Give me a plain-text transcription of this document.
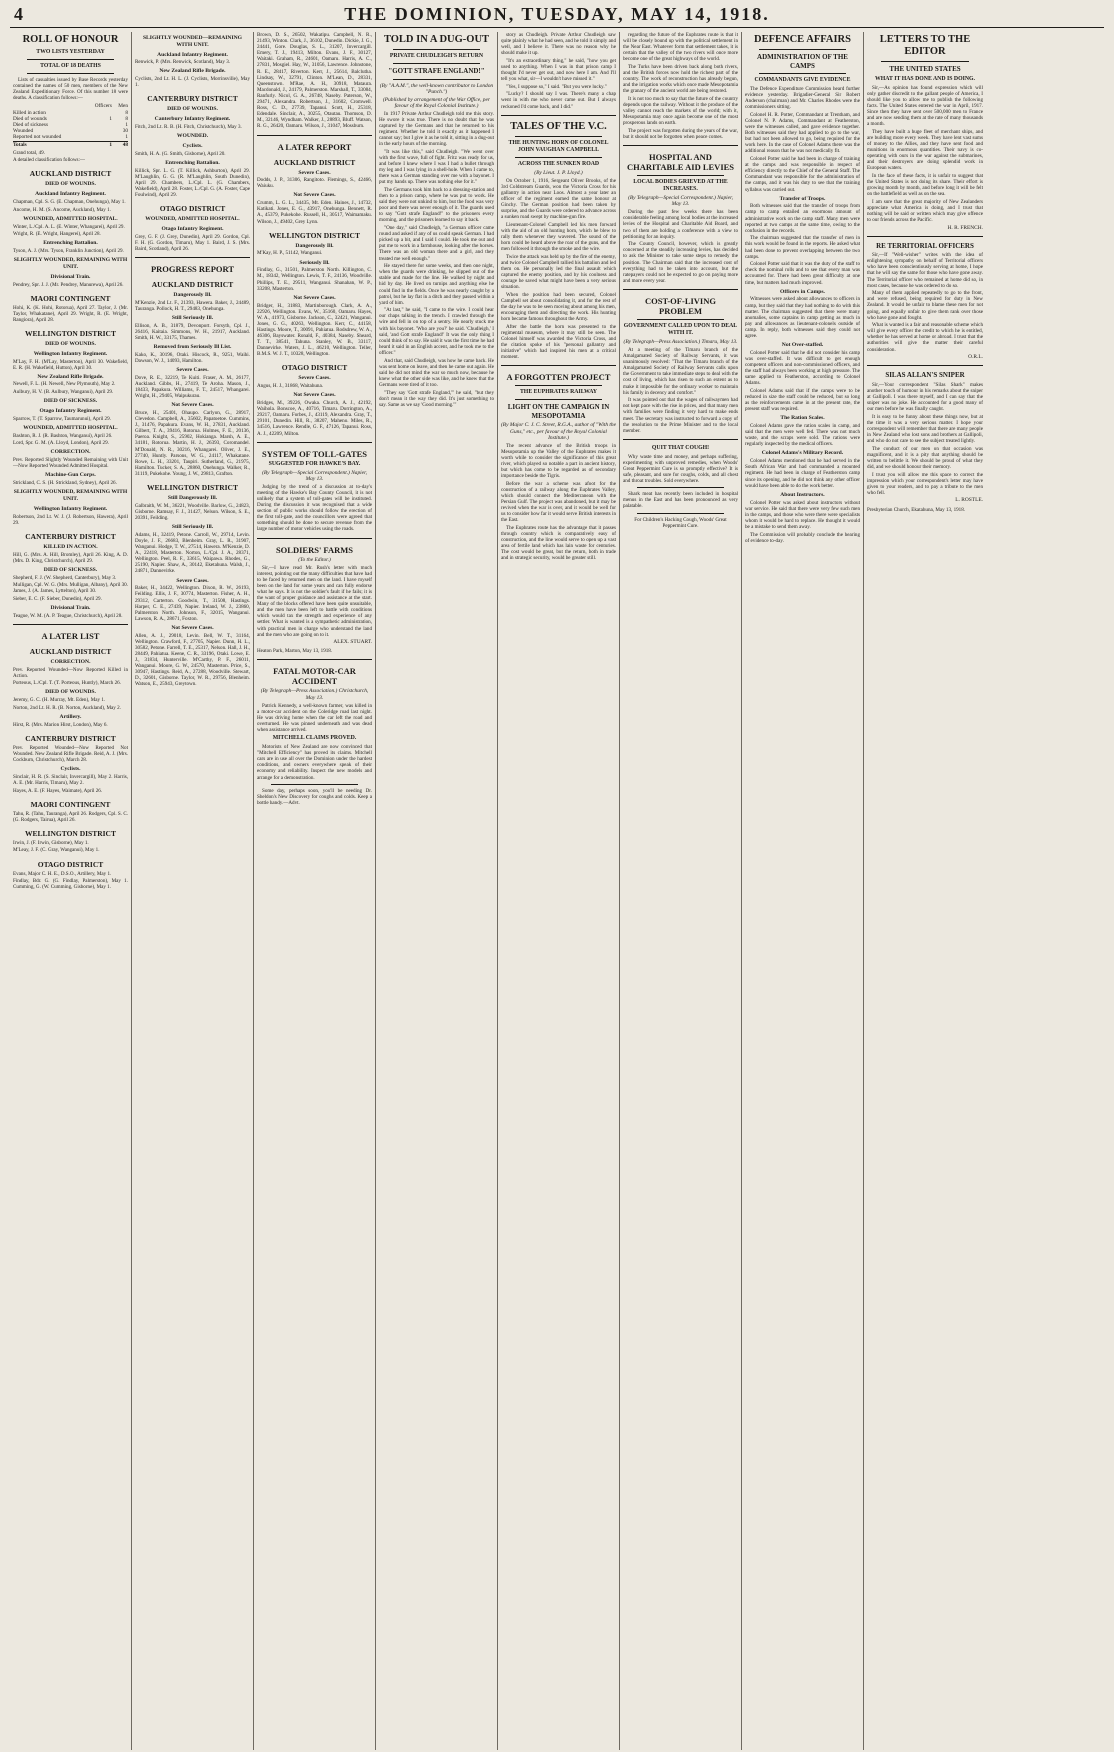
4	THE DOMINION, TUESDAY, MAY 14, 1918.
ROLL OF HONOUR
TWO LISTS YESTERDAY
TOTAL OF 18 DEATHS

Lists of casualties issued by Base Records yesterday contained the names of 50 men, members of the New Zealand Expeditionary Force. Of this number 18 were deaths. A classification follows:—

	Officers	Men
Killed in action		8
Died of wounds	1	8
Died of sickness		1
Wounded		30
Reported not wounded		1
Totals	1	48

Grand total, 49.

A detailed classification follows:—

AUCKLAND DISTRICT
DIED OF WOUNDS.
Auckland Infantry Regiment.

Chapman, Cpl. S. G. (E. Chapman, Onehunga), May 1.

Ancome, H. M. (S. Ancome, Auckland), May 1.

WOUNDED, ADMITTED HOSPITAL.

Winter, L./Cpl. A. L. (E. Winter, Whangarei), April 29.

Wright, R. (E. Wright, Hangerei), April 28.

Entrenching Battalion.

Tyson, A. J. (Mrs. Tyson, Franklin Junction), April 29.

SLIGHTLY WOUNDED, REMAINING WITH UNIT.
Divisional Train.

Pendrey, Spr. J. J. (Mr. Pendrey, Manurewa), April 26.

MAORI CONTINGENT

Hohi, K. (K. Hohi, Rotorua), April 27. Taylor, J. (Mr. Taylor, Whakatane), April 29. Wright, R. (E. Wright, Rangiora), April 28.

WELLINGTON DISTRICT
DIED OF WOUNDS.
Wellington Infantry Regiment.

M'Lay, F. H. (M'Lay, Masterton), April 30. Wakefield, E. R. (H. Wakefield, Hutton), April 30.

New Zealand Rifle Brigade.

Newell, F. L. (H. Newell, New Plymouth), May 2.

Aulbury, H. V. (B. Aulbury, Wanganui), April 29.

DIED OF SICKNESS.
Otago Infantry Regiment.

Sparrow, T. (T. Sparrow, Taumarunui), April 29.

WOUNDED, ADMITTED HOSPITAL.

Bashton, R. J. (R. Bashton, Wanganui), April 26.

Lord, Spr. G. M. (A. Lloyd, London), April 29.

CORRECTION.

Prev. Reported Slightly Wounded Remaining with Unit—Now Reported Wounded Admitted Hospital.

Machine-Gun Corps.

Strickland, C. S. (H. Strickland, Sydney), April 26.

SLIGHTLY WOUNDED, REMAINING WITH UNIT.
Wellington Infantry Regiment.

Robertson, 2nd Lt. W. J. (J. Robertson, Hawera), April 29.

CANTERBURY DISTRICT
KILLED IN ACTION.

Hill, G. (Mrs. A. Hill, Bromley), April 26. King, A. D. (Mrs. D. King, Christchurch), April 29.

DIED OF SICKNESS.

Shepherd, F. J. (W. Shepherd, Canterbury), May 3.

Mulligan, Cpl. W. G. (Mrs. Mulligan, Albany), April 30. James, J. (A. James, Lyttelton), April 30.

Sieber, E. C. (F. Sieber, Dunedin), April 29.

Divisional Train.

Teague, W. M. (A. P. Teague, Christchurch), April 28.

A LATER LIST
AUCKLAND DISTRICT
CORRECTION.

Prev. Reported Wounded—Now Reported Killed in Action.

Porteous, L./Cpl. T. (T. Porteous, Huntly), March 26.

DIED OF WOUNDS.

Jeremy, G. C. (H. Murray, Mt. Eden), May 1.

Norton, 2nd Lt. H. R. (B. Norton, Auckland), May 2.

Artillery.

Hirst, R. (Mrs. Marion Hirst, London), May 6.

CANTERBURY DISTRICT

Prev. Reported Wounded—Now Reported Not Wounded. New Zealand Rifle Brigade. Reid, A. J. (Mrs. Cockburn, Christchurch), March 28.

Cyclists.

Sinclair, H. R. (S. Sinclair, Invercargill), May 2. Harris, A. E. (Mr. Harris, Timaru), May 2.

Hayes, A. E. (F. Hayes, Waimate), April 26.

MAORI CONTINGENT

Tahu, R. (Tahu, Tauranga), April 26. Rodgers, Cpl. S. C. (G. Rodgers, Tairua), April 26.

WELLINGTON DISTRICT

Irwin, J. (F. Irwin, Gisborne), May 1.

M'Leay, J. F. (C. Gray, Wanganui), May 1.

OTAGO DISTRICT

Evans, Major C. H. E., D.S.O., Artillery, May 1.

Findlay, Bdr. G. (G. Findlay, Palmerston), May 1. Cumming, G. (W. Cumming, Gisborne), May 1.

SLIGHTLY WOUNDED—REMAINING WITH UNIT.
Auckland Infantry Regiment.

Renwick, P. (Mrs. Renwick, Scotland), May 3.

New Zealand Rifle Brigade.

Cyclists, 2nd Lt. H. L. (J. Cyclists, Morrinsville), May 1.

CANTERBURY DISTRICT
DIED OF WOUNDS.
Canterbury Infantry Regiment.

Fitch, 2nd Lt. R. B. (H. Fitch, Christchurch), May 3.

WOUNDED.
Cyclists.

Smith, H. A. (G. Smith, Gisborne), April 20.

Entrenching Battalion.

Killick, Spr. L. G. (T. Killick, Ashburton), April 29. M'Laughlin, G. G. (R. M'Laughlin, South Dunedin), April 29. Chambers, L./Cpl. L. (G. Chambers, Wakefield), April 28. Foster, L./Cpl. G. (A. Foster, Cape Foulwind), April 29.

OTAGO DISTRICT
WOUNDED, ADMITTED HOSPITAL.
Otago Infantry Regiment.

Grey, G. F. (J. Grey, Dunedin), April 29. Gordon, Cpl. F. H. (G. Gordon, Timaru), May 1. Baird, J. S. (Mrs. Baird, Scotland), April 26.

PROGRESS REPORT
AUCKLAND DISTRICT
Dangerously Ill.

M'Kenzie, 2nd Lt. F., 21393, Hawera. Baker, J., 24489, Tauranga. Pollock, H. T., 29483, Onehunga.

Still Seriously Ill.

Ellison, A. B., 31879, Devonport. Forsyth, Cpl. J., 26416, Kaitaia. Simmons, W. H., 21917, Auckland. Smith, H. W., 33175, Thames.

Removed from Seriously Ill List.

Kako, K., 30196, Otaki. Hiscock, R., 9251, Waihi. Dawson, W. J., 14093, Hamilton.

Severe Cases.

Dove, R. E., 32219, Te Kuiti. Fraser, A. M., 26177, Auckland. Gibbs, H., 27419, Te Aroha. Mason, J., 18433, Papakura. Williams, F. T., 24517, Whangarei. Wright, H., 29405, Waipukurau.

Not Severe Cases.

Bruce, H., 25401, Ohaupo. Carlyon, G., 28917, Clevedon. Campbell, A., 35602, Papatoetoe. Cummins, J., 31476, Papakura. Evans, W. H., 27831, Auckland. Gilbert, T. A., 39416, Rotorua. Holmes, F. E., 20136, Paeroa. Knight, S., 25902, Hokianga. Marsh, A. E., 34181, Rotorua. Martin, H. J., 26393, Coromandel. M'Donald, N. R., 30216, Whangarei. Oliver, J. E., 27740, Huntly. Parsons, W. G., 24117, Whakatane. Rowe, L. H., 33201, Taupiri. Sutherland, G., 21975, Hamilton. Tucker, S. A., 28860, Onehunga. Walker, R., 31119, Pukekohe. Young, J. W., 29813, Grafton.

WELLINGTON DISTRICT
Still Dangerously Ill.

Galbraith, W. M., 36221, Woodville. Barlow, G., 24823, Gisborne. Ramsay, F. J., 31427, Nelson. Wilson, S. E., 20391, Feilding.

Still Seriously Ill.

Adams, H., 32419, Petone. Carroll, W., 29714, Levin. Doyle, J. F., 26683, Blenheim. Gray, L. R., 31907, Wanganui. Hodge, T. W., 27514, Hawera. M'Kenzie, D. A., 22418, Masterton. Norton, L./Cpl. J. A., 28371, Wellington. Peel, R. F., 33615, Waipawa. Rhodes, G., 25190, Napier. Shaw, A., 30142, Eketahuna. Walsh, J., 24871, Dannevirke.

Severe Cases.

Baker, H., 34422, Wellington. Dixon, R. W., 26193, Feilding. Ellis, J. F., 30774, Masterton. Fisher, A. H., 29312, Carterton. Goodwin, T., 31508, Hastings. Harper, C. E., 27439, Napier. Ireland, W. J., 23860, Palmerston North. Johnson, F., 32015, Wanganui. Lawson, R. A., 28671, Foxton.

Not Severe Cases.

Allen, A. J., 29018, Levin. Bell, W. T., 31164, Wellington. Crawford, F., 27705, Napier. Dunn, H. L., 30582, Petone. Farrell, T. E., 25317, Nelson. Hall, J. H., 28449, Pahiatua. Keene, C. R., 33196, Otaki. Lowe, E. J., 31834, Hunterville. M'Carthy, P. F., 26011, Wanganui. Moore, G. W., 24570, Masterton. Price, S., 30947, Hastings. Reid, A., 27288, Woodville. Stewart, D., 32601, Gisborne. Taylor, W. R., 29756, Blenheim. Watson, E., 25943, Greytown.

Brown, D. S., 26502, Wakatipu. Campbell, N. R., 21493, Winton. Clark, J., 36102, Dunedin. Dickie, J. G., 24441, Gore. Douglas, S. L., 31207, Invercargill. Emery, T. J., 19413, Milton. Evans, J. F., 30127, Waitaki. Graham, R., 24601, Oamaru. Harris, A. C., 27831, Mosgiel. Hay, W., 31056, Lawrence. Johnstone, R. E., 28417, Riverton. Kerr, J., 25614, Balclutha. Lindsay, W., 32791, Clinton. M'Lean, D., 28331, Queenstown. M'Rae, A. H., 30918, Mataura. Macdonald, J., 24179, Palmerston. Marshall, T., 33084, Ranfurly. Nicol, G. A., 26748, Naseby. Paterson, W., 29471, Alexandra. Robertson, J., 31602, Cromwell. Ross, C. D., 27739, Tapanui. Scott, H., 25318, Edendale. Sinclair, A., 30255, Otautau. Thomson, D. M., 32146, Wyndham. Walker, J., 28893, Bluff. Watson, R. G., 26420, Oamaru. Wilson, J., 31047, Mossburn.

A LATER REPORT
AUCKLAND DISTRICT
Severe Cases.

Dodds, J. P., 31306, Rangitoto. Flemings, S., 42466, Waiuku.

Not Severe Cases.

Crumm, L. G. L., 34435, Mt. Eden. Haines, J., 14732, Katikati. Jones, E. G., 43917, Onehunga. Bennett, R. A., 45379, Pukekohe. Russell, H., 30517, Waimamaku. Wilson, J., 49402, Grey Lynn.

WELLINGTON DISTRICT
Dangerously Ill.

M'Kay, H. P., 51142, Wanganui.

Seriously Ill.

Findlay, G., 31501, Palmerston North. Killington, C. M., 18342, Wellington. Lewis, T. F., 24136, Woodville. Phillips, T. E., 29511, Wanganui. Shanahan, W. P., 33208, Masterton.

Not Severe Cases.

Bridger, H., 31883, Martinborough. Clark, A. A., 22926, Wellington. Evans, W., 35160, Oamaru. Hayes, W. A., 41973, Gisborne. Jackson, C., 32421, Wanganui. Jones, G. G., 40263, Wellington. Kerr, C., 44158, Hastings. Moore, T., 30091, Pahiatua. Rodsdrew, W. A., 46306, Bayswater. Ronald, F., 40384, Naseby. Sheard, T. T., 38541, Tahuna. Stanley, W. B., 33117, Dannevirke. Waters, J. L., 46210, Wellington. Teller, B.M.S. W. J. T., 10328, Wellington.

OTAGO DISTRICT
Severe Cases.

Angus, H. J., 31868, Waitahuna.

Not Severe Cases.

Bridges, M., 39226, Owaka. Church, A. J., 42192, Waihola. Bonscoe, A., 40716, Timaru. Dorrington, A., 29217, Oamaru. Forbes, J., 43119, Alexandra. Gray, T., 29101, Dunedin. Hill, R., 38207, Maheno. Miles, R., 34516, Lawrence. Rendle, G. F., 47126, Tapanui. Ross, A. J., 42209, Milton.

SYSTEM OF TOLL-GATES
SUGGESTED FOR HAWKE'S BAY.
(By Telegraph—Special Correspondent.) Napier, May 13.

Judging by the trend of a discussion at to-day's meeting of the Hawke's Bay County Council, it is not unlikely that a system of toll-gates will be instituted. During the discussion it was recognised that a wide section of public works should follow the erection of the first toll-gate, and the councillors were agreed that something should be done to secure revenue from the large number of motor vehicles using the roads.

SOLDIERS' FARMS
(To the Editor.)

Sir,—I have read Mr. Rush's letter with much interest, pointing out the many difficulties that have had to be faced by returned men on the land. I have myself been on the land for some years and can fully endorse what he says. It is not the soldier's fault if he fails; it is the want of proper guidance and assistance at the start. Many of the blocks offered have been quite unsuitable, and the men have been left to battle with conditions which would tax the strength and experience of any settler. What is wanted is a sympathetic administration, with practical men in charge who understand the land and the men who are going on to it.

ALEX. STUART.

Heaton Park, Marton, May 13, 1918.

FATAL MOTOR-CAR ACCIDENT
(By Telegraph—Press Association.) Christchurch, May 13.

Patrick Kennedy, a well-known farmer, was killed in a motor-car accident on the Coleridge road last night. He was driving home when the car left the road and overturned. He was pinned underneath and was dead when assistance arrived.

MITCHELL CLAIMS PROVED.

Motorists of New Zealand are now convinced that "Mitchell Efficiency" has proved its claims. Mitchell cars are in use all over the Dominion under the hardest conditions, and owners everywhere speak of their economy and reliability. Inspect the new models and arrange for a demonstration.

Some day, perhaps soon, you'll be needing Dr. Sheldon's New Discovery for coughs and colds. Keep a bottle handy.—Advt.

TOLD IN A DUG-OUT
PRIVATE CHUDLEIGH'S RETURN
"GOTT STRAFE ENGLAND!"
(By "A.A.M.", the well-known contributor to London "Punch.")
(Published by arrangement of the War Office, per favour of the Royal Colonial Institute.)

In 1917 Private Arthur Chudleigh told me this story. He swore it was true. There is no doubt that he was captured by the Germans and that he returned to his regiment. Whether he told it exactly as it happened I cannot say; but I give it as he told it, sitting in a dug-out in the early hours of the morning.

"It was like this," said Chudleigh. "We went over with the first wave, full of fight. Fritz was ready for us, and before I knew where I was I had a bullet through my leg and I was lying in a shell-hole. When I came to, there was a German standing over me with a bayonet. I put my hands up. There was nothing else for it."

The Germans took him back to a dressing-station and then to a prison camp, where he was put to work. He said they were not unkind to him, but the food was very poor and there was never enough of it. The guards used to say "Gott strafe England!" to the prisoners every morning, and the prisoners learned to say it back.

"One day," said Chudleigh, "a German officer came round and asked if any of us could speak German. I had picked up a bit, and I said I could. He took me out and put me to work in a farmhouse, looking after the horses. There was an old woman there and a girl, and they treated me well enough."

He stayed there for some weeks, and then one night, when the guards were drinking, he slipped out of the stable and made for the line. He walked by night and hid by day. He lived on turnips and anything else he could find in the fields. Once he was nearly caught by a patrol, but he lay flat in a ditch and they passed within a yard of him.

"At last," he said, "I came to the wire. I could hear our chaps talking in the trench. I crawled through the wire and fell in on top of a sentry. He nearly stuck me with his bayonet. 'Who are you?' he said. 'Chudleigh,' I said, 'and Gott strafe England!' It was the only thing I could think of to say. He said it was the first time he had heard it said in an English accent, and he took me to the officer."

And that, said Chudleigh, was how he came back. He was sent home on leave, and then he came out again. He said he did not mind the war so much now, because he knew what the other side was like, and he knew that the Germans were tired of it too.

"They say 'Gott strafe England,'" he said, "but they don't mean it the way they did. It's just something to say. Same as we say 'Good morning.'"

story as Chudleigh. Private Arthur Chudleigh saw quite plainly what he had seen, and he told it simply and well, and I believe it. There was no reason why he should make it up.

"It's an extraordinary thing," he said, "how you get used to anything. When I was in that prison camp I thought I'd never get out, and now here I am. And I'll tell you what, sir—I wouldn't have missed it."

"Yes, I suppose so," I said. "But you were lucky."

"Lucky? I should say I was. There's many a chap went in with me who never came out. But I always reckoned I'd come back, and I did."

TALES OF THE V.C.
THE HUNTING HORN OF COLONEL JOHN VAUGHAN CAMPBELL
ACROSS THE SUNKEN ROAD
(By Lieut. J. P. Lloyd.)

On October 1, 1916, Sergeant Oliver Brooks, of the 3rd Coldstream Guards, won the Victoria Cross for his gallantry in action near Loos. Almost a year later an officer of the regiment earned the same honour at Ginchy. The German position had been taken by surprise, and the Guards were ordered to advance across a sunken road swept by machine-gun fire.

Lieutenant-Colonel Campbell led his men forward with the aid of an old hunting horn, which he blew to rally them whenever they wavered. The sound of the horn could be heard above the roar of the guns, and the men followed it through the smoke and the wire.

Twice the attack was held up by the fire of the enemy, and twice Colonel Campbell rallied his battalion and led them on. He personally led the final assault which captured the enemy position, and by his coolness and courage he saved what might have been a very serious situation.

When the position had been secured, Colonel Campbell set about consolidating it, and for the rest of the day he was to be seen moving about among his men, encouraging them and directing the work. His hunting horn became famous throughout the Army.

After the battle the horn was presented to the regimental museum, where it may still be seen. The Colonel himself was awarded the Victoria Cross, and the citation spoke of his "personal gallantry and initiative" which had inspired his men at a critical moment.

A FORGOTTEN PROJECT
THE EUPHRATES RAILWAY
LIGHT ON THE CAMPAIGN IN MESOPOTAMIA
(By Major C. J. C. Street, R.G.A., author of "With the Guns," etc., per favour of the Royal Colonial Institute.)

The recent advance of the British troops in Mesopotamia up the Valley of the Euphrates makes it worth while to consider the significance of this great river, which played so notable a part in ancient history, but which has come to be regarded as of secondary importance beside the Tigris.

Before the war a scheme was afoot for the construction of a railway along the Euphrates Valley, which should connect the Mediterranean with the Persian Gulf. The project was abandoned, but it may be revived when the war is over, and it would be well for us to consider how far it would serve British interests in the East.

The Euphrates route has the advantage that it passes through country which is comparatively easy of construction, and the line would serve to open up a vast area of fertile land which has lain waste for centuries. The cost would be great, but the return, both in trade and in strategic security, would be greater still.

regarding the future of the Euphrates route is that it will be closely bound up with the political settlement in the Near East. Whatever form that settlement takes, it is certain that the valley of the two rivers will once more become one of the great highways of the world.

The Turks have been driven back along both rivers, and the British forces now hold the richest part of the country. The work of reconstruction has already begun, and the irrigation works which once made Mesopotamia the granary of the ancient world are being restored.

It is not too much to say that the future of the country depends upon the railway. Without it the produce of the valley cannot reach the markets of the world; with it, Mesopotamia may once again become one of the most prosperous lands on earth.

The project was forgotten during the years of the war, but it should not be forgotten when peace comes.

HOSPITAL AND CHARITABLE AID LEVIES
LOCAL BODIES GRIEVED AT THE INCREASES.
(By Telegraph—Special Correspondent.) Napier, May 13.

During the past few weeks there has been considerable feeling among local bodies at the increased levies of the Hospital and Charitable Aid Board, and two of them are holding a conference with a view to petitioning for an inquiry.

The County Council, however, which is greatly concerned at the steadily increasing levies, has decided to ask the Minister to take some steps to remedy the position. The Chairman said that the increased cost of everything had to be taken into account, but the ratepayers could not be expected to go on paying more and more every year.

COST-OF-LIVING PROBLEM
GOVERNMENT CALLED UPON TO DEAL WITH IT.
(By Telegraph—Press Association.) Timaru, May 13.

At a meeting of the Timaru branch of the Amalgamated Society of Railway Servants, it was unanimously resolved: "That the Timaru branch of the Amalgamated Society of Railway Servants calls upon the Government to take immediate steps to deal with the cost of living, which has risen to such an extent as to make it impossible for the ordinary worker to maintain his family in decency and comfort."

It was pointed out that the wages of railwaymen had not kept pace with the rise in prices, and that many men with families were finding it very hard to make ends meet. The secretary was instructed to forward a copy of the resolution to the Prime Minister and to the local member.

QUIT THAT COUGH!

Why waste time and money, and perhaps suffering, experimenting with unproved remedies, when Woods' Great Peppermint Cure is so promptly effective? It is safe, pleasant, and sure for coughs, colds, and all chest and throat troubles. Sold everywhere.

Shark meat has recently been included in hospital menus in the East and has been pronounced as very palatable.

For Children's Hacking Cough, Woods' Great Peppermint Cure.

DEFENCE AFFAIRS
ADMINISTRATION OF THE CAMPS
COMMANDANTS GIVE EVIDENCE

The Defence Expenditure Commission heard further evidence yesterday. Brigadier-General Sir Robert Anderson (chairman) and Mr. Charles Rhodes were the commissioners sitting.

Colonel H. R. Potter, Commandant at Trentham, and Colonel N. P. Adams, Commandant at Featherston, were the witnesses called, and gave evidence together. Both witnesses said they had applied to go to the war, but had not been allowed to go, being required for the work here. In the case of Colonel Adams there was the additional reason that he was not medically fit.

Colonel Potter said he had been in charge of training at the camps and was responsible in respect of efficiency directly to the Chief of the General Staff. The Commandant was responsible for the administration of the camps, and it was his duty to see that the training syllabus was carried out.

Transfer of Troops.

Both witnesses said that the transfer of troops from camp to camp entailed an enormous amount of administrative work on the camp staff. Many men were reported at two camps at the same time, owing to the confusion in the records.

The chairman suggested that the transfer of men in this work would be found in the reports. He asked what had been done to prevent overlapping between the two camps.

Colonel Potter said that it was the duty of the staff to check the nominal rolls and to see that every man was accounted for. There had been great difficulty at one time, but matters had much improved.

Officers in Camps.

Witnesses were asked about allowances to officers in camp, but they said that they had nothing to do with this matter. The chairman suggested that there were many anomalies, some captains in camp getting as much in pay and allowances as lieutenant-colonels outside of camp. In reply, both witnesses said they could not agree.

Not Over-staffed.

Colonel Potter said that he did not consider his camp was over-staffed. It was difficult to get enough competent officers and non-commissioned officers, and the staff had always been working at high pressure. The same applied to Featherston, according to Colonel Adams.

Colonel Adams said that if the camps were to be reduced in size the staff could be reduced, but so long as the reinforcements came in at the present rate, the present staff was required.

The Ration Scales.

Colonel Adams gave the ration scales in camp, and said that the men were well fed. There was not much waste, and the scraps were sold. The rations were regularly inspected by the medical officers.

Colonel Adams's Military Record.

Colonel Adams mentioned that he had served in the South African War and had commanded a mounted regiment. He had been in charge of Featherston camp since its opening, and he did not think any other officer would have been able to do the work better.

About Instructors.

Colonel Potter was asked about instructors without war service. He said that there were very few such men in the camps, and those who were there were specialists whom it would be hard to replace. He thought it would be a mistake to send them away.

The Commission will probably conclude the hearing of evidence to-day.

LETTERS TO THE EDITOR
THE UNITED STATES
WHAT IT HAS DONE AND IS DOING.

Sir,—As opinion has found expression which will only gather discredit to the gallant people of America, I should like you to allow me to publish the following facts. The United States entered the war in April, 1917. Since then they have sent over 500,000 men to France and are now sending them at the rate of many thousands a month.

They have built a huge fleet of merchant ships, and are building more every week. They have lent vast sums of money to the Allies, and they have sent food and munitions in enormous quantities. Their navy is co-operating with ours in the war against the submarines, and their destroyers are doing splendid work in European waters.

In the face of these facts, it is unfair to suggest that the United States is not doing its share. Their effort is growing month by month, and before long it will be felt on the battlefield as well as on the sea.

I am sure that the great majority of New Zealanders appreciate what America is doing, and I trust that nothing will be said or written which may give offence to our friends across the Pacific.

H. R. FRENCH.

RE TERRITORIAL OFFICERS

Sir,—If "Well-wisher" writes with the idea of enlightening sympathy on behalf of Territorial officers who have been conscientiously serving at home, I hope that he will say the same for those who have gone away. The Territorial officer who remained at home did so, in most cases, because he was ordered to do so.

Many of them applied repeatedly to go to the front, and were refused, being required for duty in New Zealand. It would be unfair to blame these men for not going, and equally unfair to give them rank over those who have gone and fought.

What is wanted is a fair and reasonable scheme which will give every officer the credit to which he is entitled, whether he has served at home or abroad. I trust that the authorities will give the matter their careful consideration.

O.R.L.

SILAS ALLAN'S SNIPER

Sir,—Your correspondent "Silas Shark" makes another touch of humour in his remarks about the sniper at Gallipoli. I was there myself, and I can say that the sniper was no joke. He accounted for a good many of our men before he was finally caught.

It is easy to be funny about these things now, but at the time it was a very serious matter. I hope your correspondent will remember that there are many people in New Zealand who lost sons and brothers at Gallipoli, and who do not care to see the subject treated lightly.

The conduct of our men on that occasion was magnificent, and it is a pity that anything should be written to belittle it. We should be proud of what they did, and we should honour their memory.

I trust you will allow me this space to correct the impression which your correspondent's letter may have given to your readers, and to pay a tribute to the men who fell.

L. ROSTLE.

Presbyterian Church, Ekatahuna, May 13, 1918.
